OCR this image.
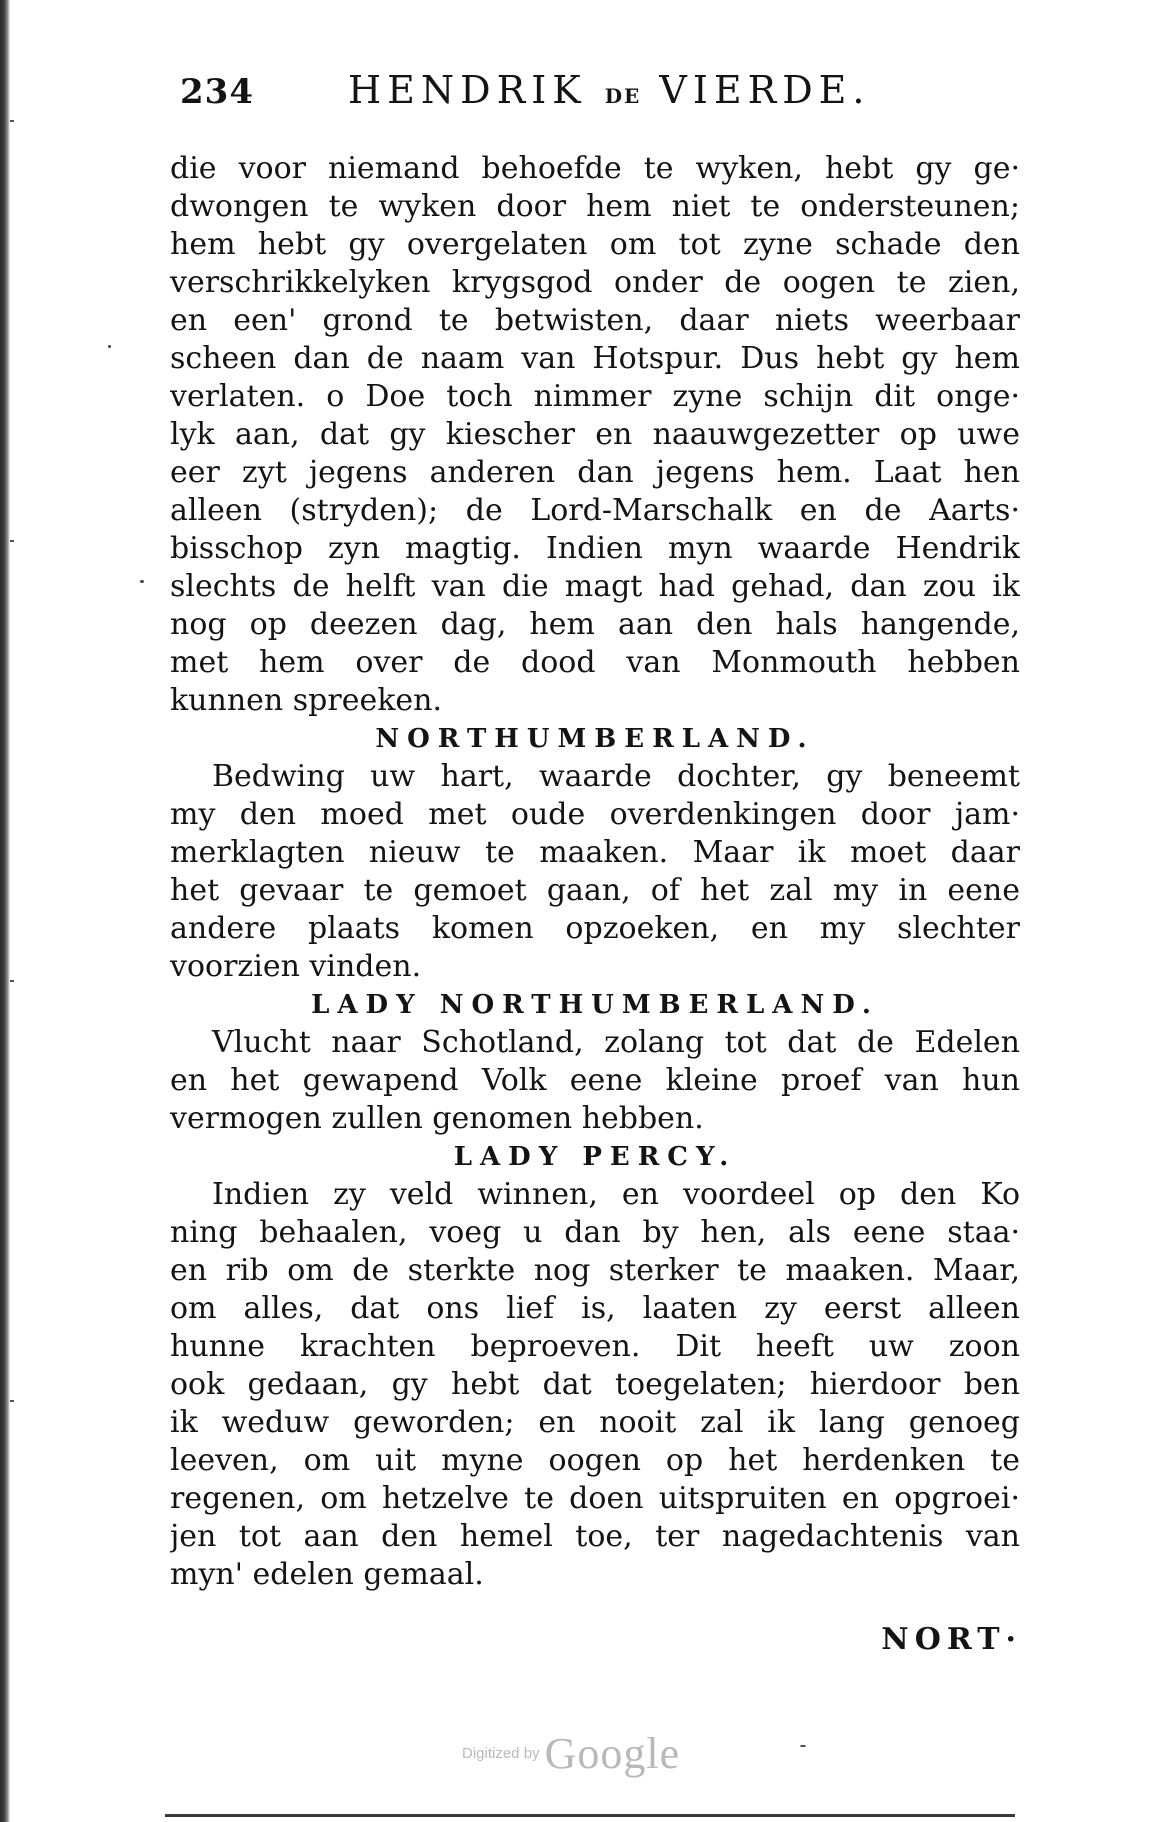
234 HENDRIK DE VIERDE.
die voor niemand behoefde te wyken, hebt gy ge·
dwongen te wyken door hem niet te ondersteunen;
hem hebt gy overgelaten om tot zyne schade den
verschrikkelyken krygsgod onder de oogen te zien,
en een' grond te betwisten, daar niets weerbaar
scheen dan de naam van Hotspur. Dus hebt gy hem
verlaten. o Doe toch nimmer zyne schijn dit onge·
lyk aan, dat gy kiescher en naauwgezetter op uwe
eer zyt jegens anderen dan jegens hem. Laat hen
alleen (stryden); de Lord-Marschalk en de Aarts·
bisschop zyn magtig. Indien myn waarde Hendrik
slechts de helft van die magt had gehad, dan zou ik
nog op deezen dag, hem aan den hals hangende,
met hem over de dood van Monmouth hebben
kunnen spreeken.
NORTHUMBERLAND.
Bedwing uw hart, waarde dochter, gy beneemt
my den moed met oude overdenkingen door jam·
merklagten nieuw te maaken. Maar ik moet daar
het gevaar te gemoet gaan, of het zal my in eene
andere plaats komen opzoeken, en my slechter
voorzien vinden.
LADY NORTHUMBERLAND.
Vlucht naar Schotland, zolang tot dat de Edelen
en het gewapend Volk eene kleine proef van hun
vermogen zullen genomen hebben.
LADY PERCY.
Indien zy veld winnen, en voordeel op den Ko
ning behaalen, voeg u dan by hen, als eene staa·
en rib om de sterkte nog sterker te maaken. Maar,
om alles, dat ons lief is, laaten zy eerst alleen
hunne krachten beproeven. Dit heeft uw zoon
ook gedaan, gy hebt dat toegelaten; hierdoor ben
ik weduw geworden; en nooit zal ik lang genoeg
leeven, om uit myne oogen op het herdenken te
regenen, om hetzelve te doen uitspruiten en opgroei·
jen tot aan den hemel toe, ter nagedachtenis van
myn' edelen gemaal.
NORT·
Digitized by Google
